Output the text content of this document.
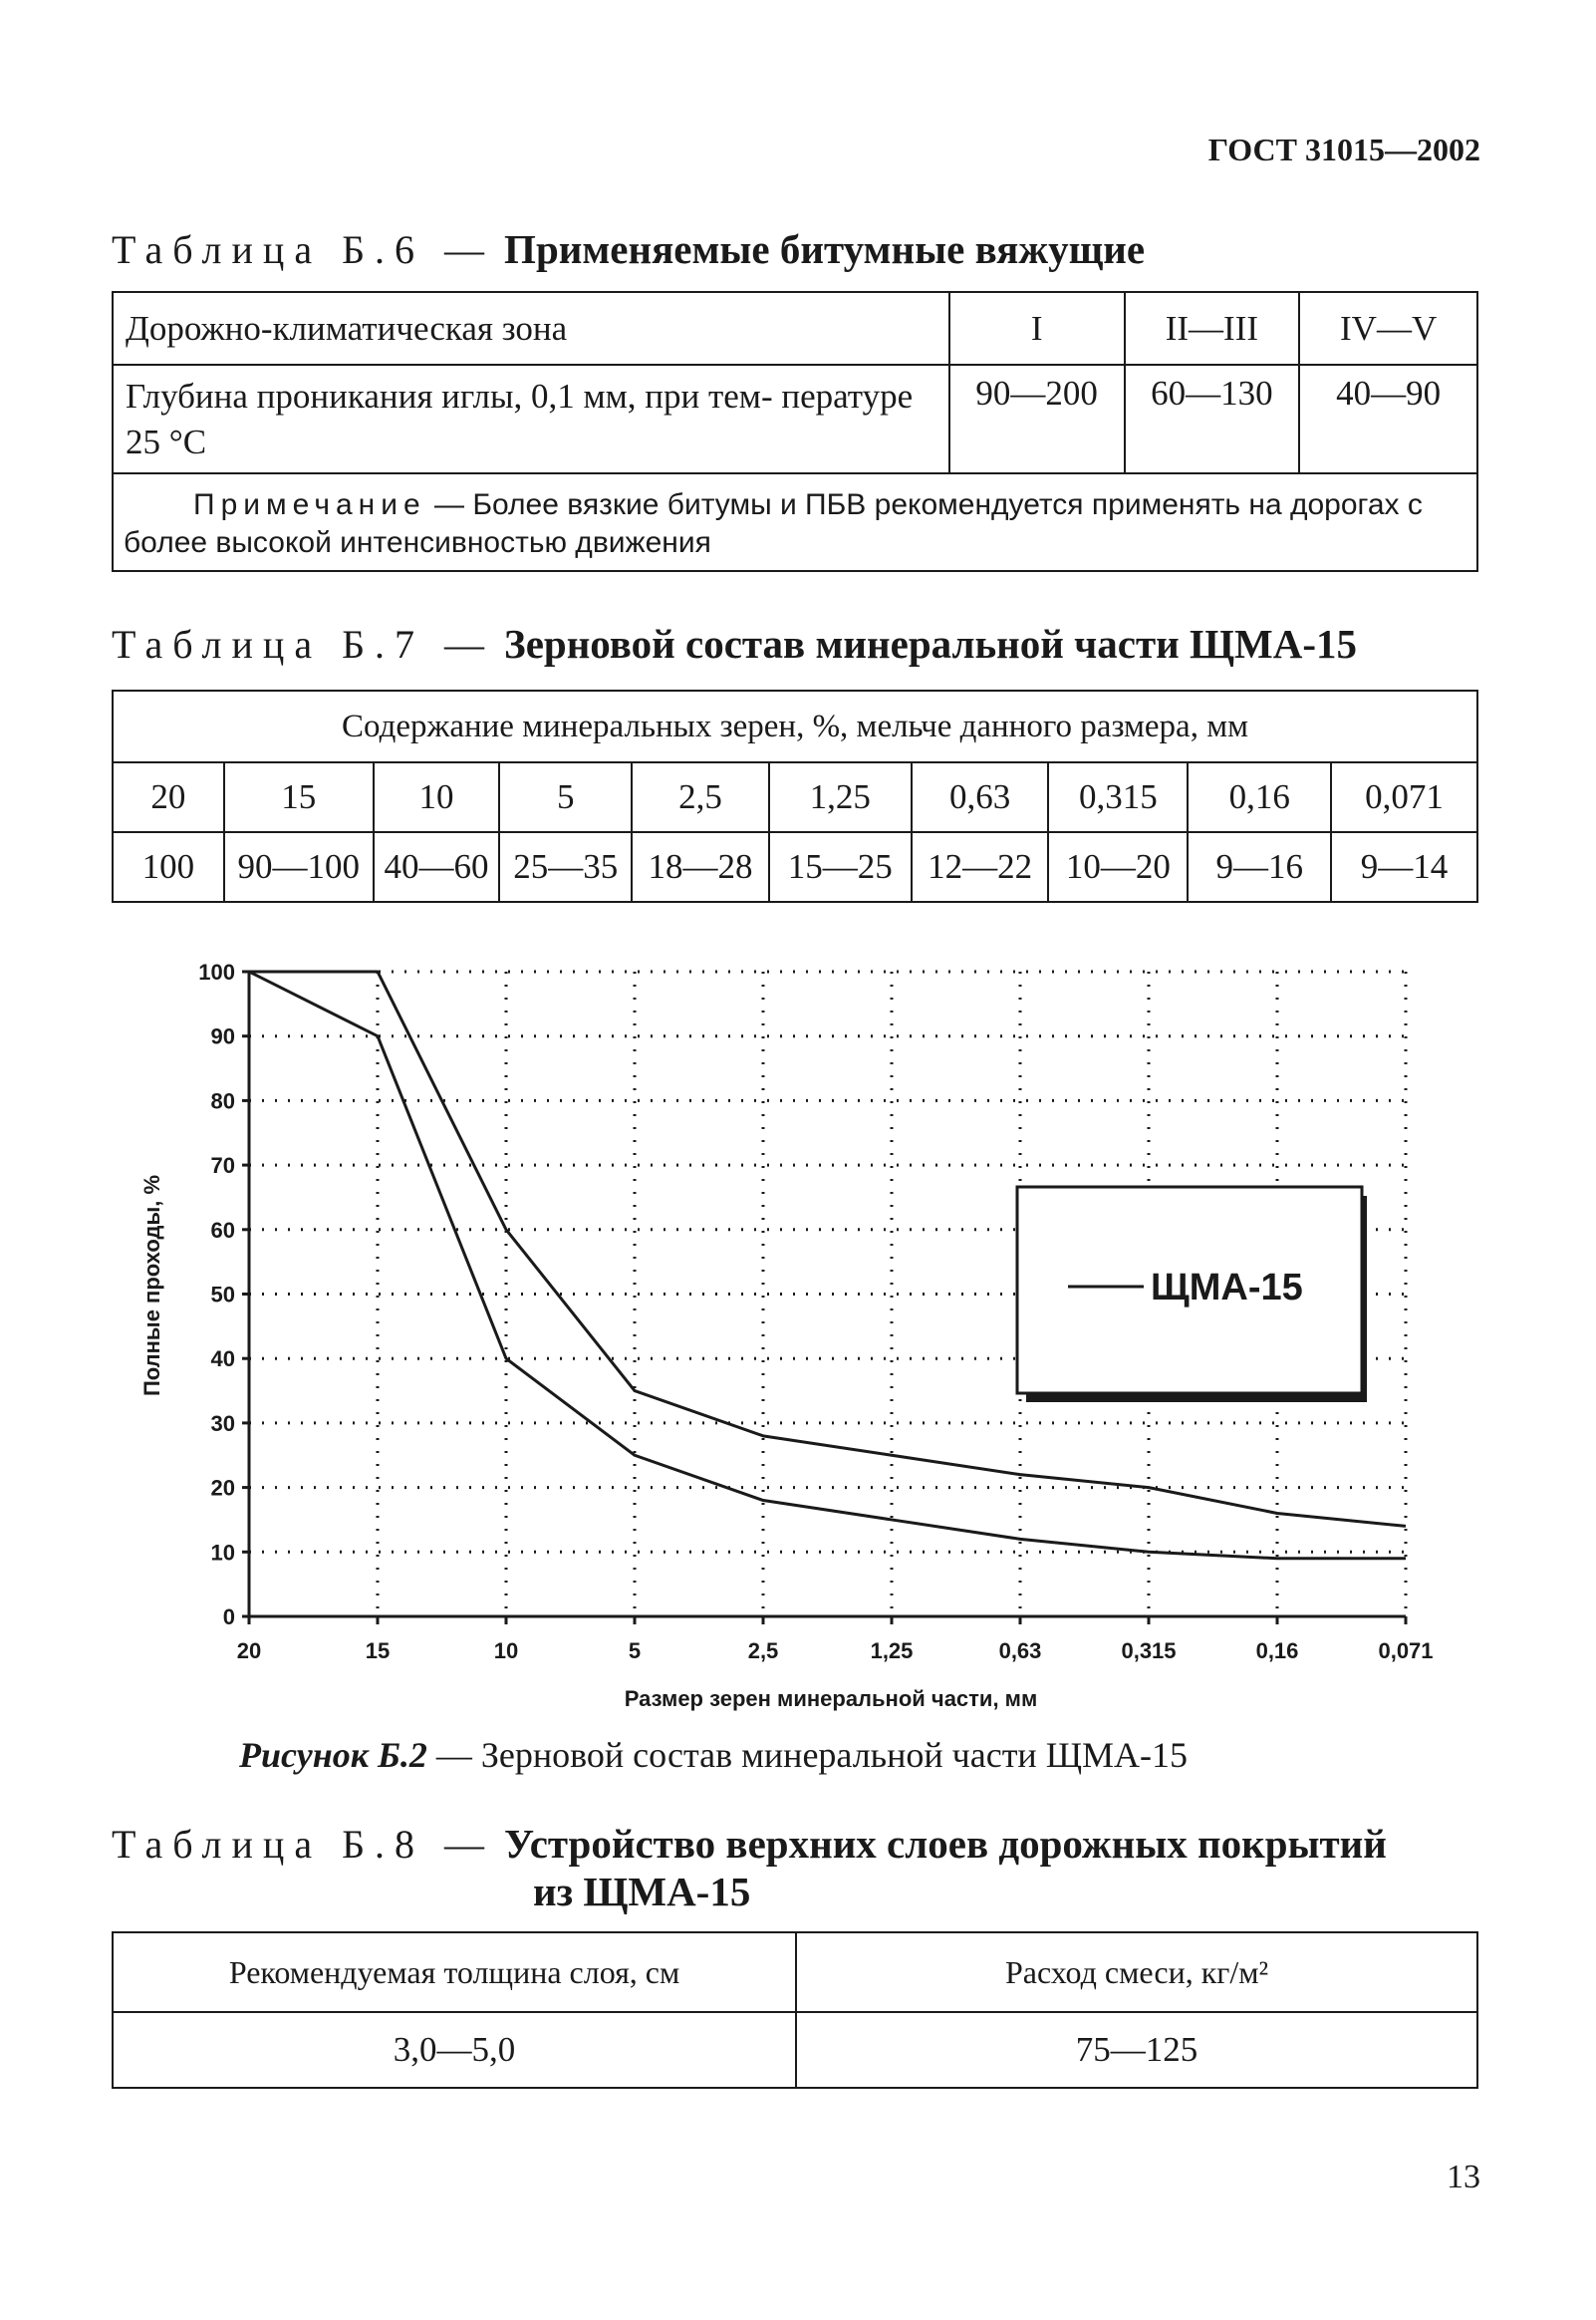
ГОСТ 31015—2002
Таблица Б.6 — Применяемые битумные вяжущие
Дорожно-климатическая зона	I	II—III	IV—V
Глубина проникания иглы, 0,1 мм, при тем- пературе 25 °С	90—200	60—130	40—90
Примечание — Более вязкие битумы и ПБВ рекомендуется применять на дорогах с более высокой интенсивностью движения			
Таблица Б.7 — Зерновой состав минеральной части ЩМА-15
Содержание минеральных зерен, %, мельче данного размера, мм									
20	15	10	5	2,5	1,25	0,63	0,315	0,16	0,071
100	90—100	40—60	25—35	18—28	15—25	12—22	10—20	9—16	9—14
0
10
20
30
40
50
60
70
80
90
100
20	15	10	5	2,5	1,25	0,63	0,315	0,16	0,071
ЩМА-15
Полные проходы, %
Размер зерен минеральной части, мм
Рисунок Б.2 — Зерновой состав минеральной части ЩМА-15
Таблица Б.8 — Устройство верхних слоев дорожных покрытий
из ЩМА-15
Рекомендуемая толщина слоя, см	Расход смеси, кг/м²
3,0—5,0	75—125
13
